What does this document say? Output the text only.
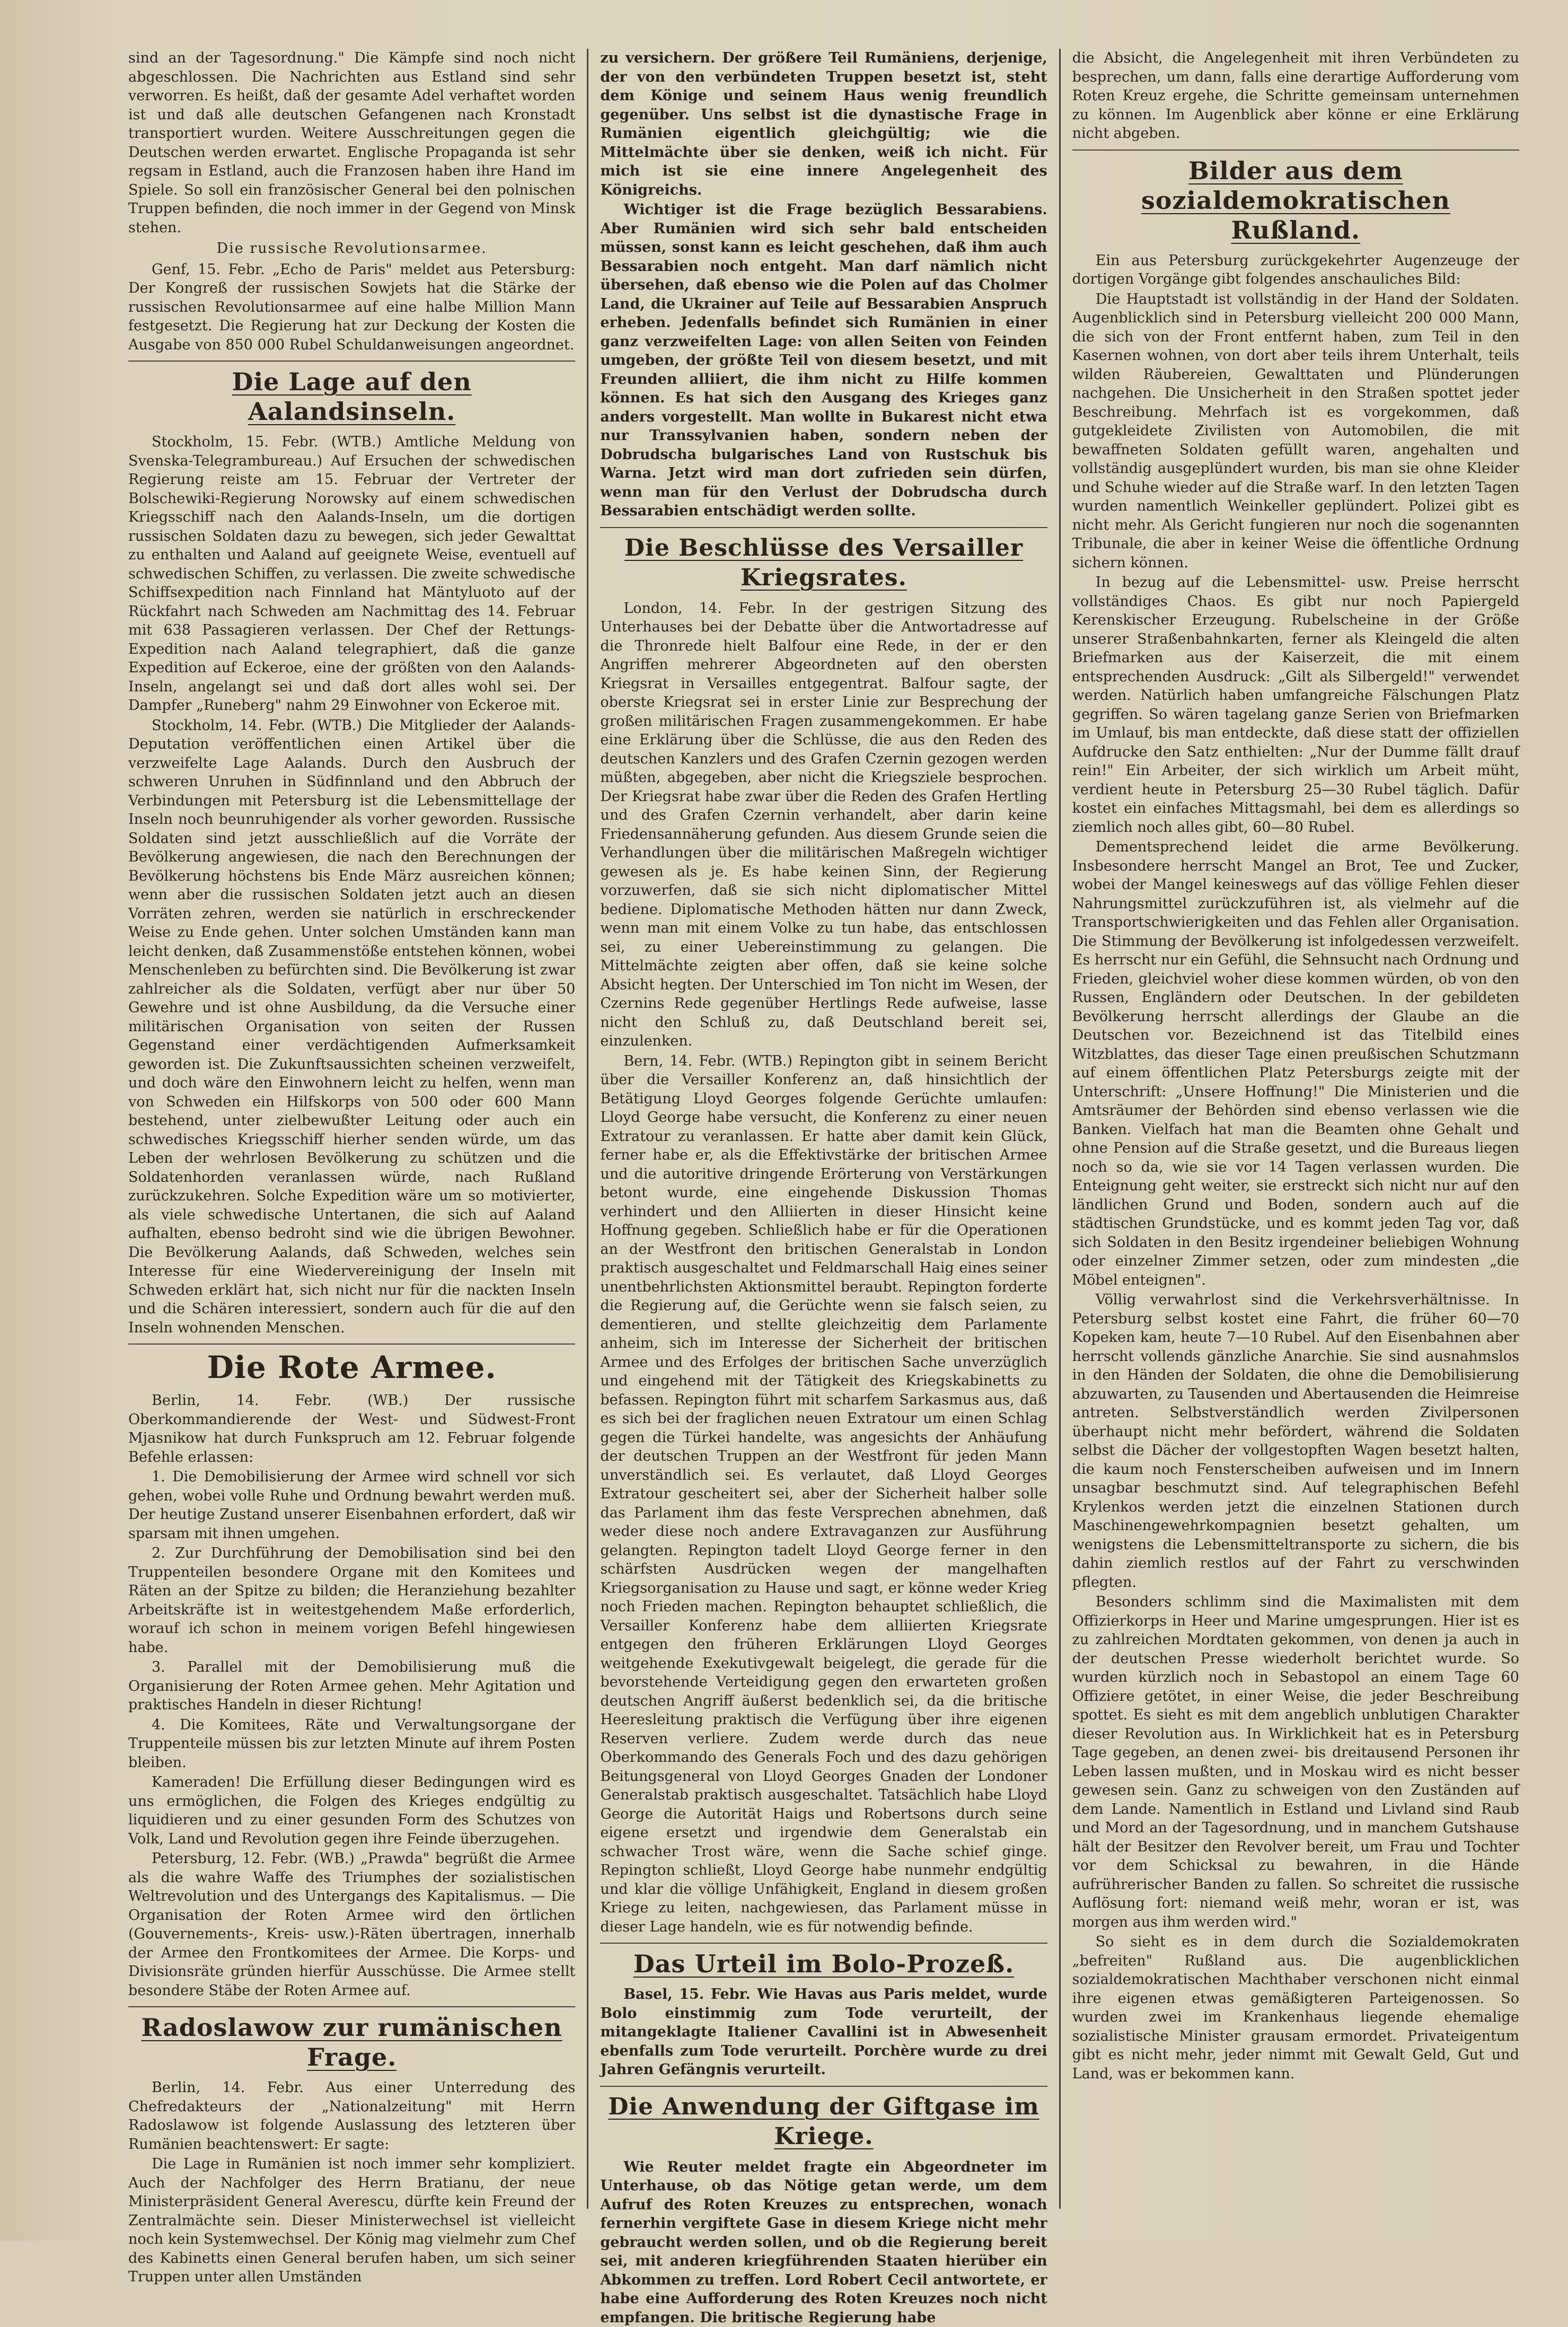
sind an der Tagesordnung." Die Kämpfe sind noch nicht abgeschlossen. Die Nachrichten aus Estland sind sehr verworren. Es heißt, daß der gesamte Adel verhaftet worden ist und daß alle deutschen Gefangenen nach Kronstadt transportiert wurden. Weitere Ausschreitungen gegen die Deutschen werden erwartet. Englische Propaganda ist sehr regsam in Estland, auch die Franzosen haben ihre Hand im Spiele. So soll ein französischer General bei den polnischen Truppen befinden, die noch immer in der Gegend von Minsk stehen.

Die russische Revolutionsarmee.

Genf, 15. Febr. „Echo de Paris" meldet aus Petersburg: Der Kongreß der russischen Sowjets hat die Stärke der russischen Revolutionsarmee auf eine halbe Million Mann festgesetzt. Die Regierung hat zur Deckung der Kosten die Ausgabe von 850 000 Rubel Schuldanweisungen angeordnet.

Die Lage auf den Aalandsinseln.

Stockholm, 15. Febr. (WTB.) Amtliche Meldung von Svenska-Telegrambureau.) Auf Ersuchen der schwedischen Regierung reiste am 15. Februar der Vertreter der Bolschewiki-Regierung Norowsky auf einem schwedischen Kriegsschiff nach den Aalands-Inseln, um die dortigen russischen Soldaten dazu zu bewegen, sich jeder Gewalttat zu enthalten und Aaland auf geeignete Weise, eventuell auf schwedischen Schiffen, zu verlassen. Die zweite schwedische Schiffsexpedition nach Finnland hat Mäntyluoto auf der Rückfahrt nach Schweden am Nachmittag des 14. Februar mit 638 Passagieren verlassen. Der Chef der Rettungs-Expedition nach Aaland telegraphiert, daß die ganze Expedition auf Eckeroe, eine der größten von den Aalands-Inseln, angelangt sei und daß dort alles wohl sei. Der Dampfer „Runeberg" nahm 29 Einwohner von Eckeroe mit.

Stockholm, 14. Febr. (WTB.) Die Mitglieder der Aalands-Deputation veröffentlichen einen Artikel über die verzweifelte Lage Aalands. Durch den Ausbruch der schweren Unruhen in Südfinnland und den Abbruch der Verbindungen mit Petersburg ist die Lebensmittellage der Inseln noch beunruhigender als vorher geworden. Russische Soldaten sind jetzt ausschließlich auf die Vorräte der Bevölkerung angewiesen, die nach den Berechnungen der Bevölkerung höchstens bis Ende März ausreichen können; wenn aber die russischen Soldaten jetzt auch an diesen Vorräten zehren, werden sie natürlich in erschreckender Weise zu Ende gehen. Unter solchen Umständen kann man leicht denken, daß Zusammenstöße entstehen können, wobei Menschenleben zu befürchten sind. Die Bevölkerung ist zwar zahlreicher als die Soldaten, verfügt aber nur über 50 Gewehre und ist ohne Ausbildung, da die Versuche einer militärischen Organisation von seiten der Russen Gegenstand einer verdächtigenden Aufmerksamkeit geworden ist. Die Zukunftsaussichten scheinen verzweifelt, und doch wäre den Einwohnern leicht zu helfen, wenn man von Schweden ein Hilfskorps von 500 oder 600 Mann bestehend, unter zielbewußter Leitung oder auch ein schwedisches Kriegsschiff hierher senden würde, um das Leben der wehrlosen Bevölkerung zu schützen und die Soldatenhorden veranlassen würde, nach Rußland zurückzukehren. Solche Expedition wäre um so motivierter, als viele schwedische Untertanen, die sich auf Aaland aufhalten, ebenso bedroht sind wie die übrigen Bewohner. Die Bevölkerung Aalands, daß Schweden, welches sein Interesse für eine Wiedervereinigung der Inseln mit Schweden erklärt hat, sich nicht nur für die nackten Inseln und die Schären interessiert, sondern auch für die auf den Inseln wohnenden Menschen.

Die Rote Armee.

Berlin, 14. Febr. (WB.) Der russische Oberkommandierende der West- und Südwest-Front Mjasnikow hat durch Funkspruch am 12. Februar folgende Befehle erlassen:

1. Die Demobilisierung der Armee wird schnell vor sich gehen, wobei volle Ruhe und Ordnung bewahrt werden muß. Der heutige Zustand unserer Eisenbahnen erfordert, daß wir sparsam mit ihnen umgehen.

2. Zur Durchführung der Demobilisation sind bei den Truppenteilen besondere Organe mit den Komitees und Räten an der Spitze zu bilden; die Heranziehung bezahlter Arbeitskräfte ist in weitestgehendem Maße erforderlich, worauf ich schon in meinem vorigen Befehl hingewiesen habe.

3. Parallel mit der Demobilisierung muß die Organisierung der Roten Armee gehen. Mehr Agitation und praktisches Handeln in dieser Richtung!

4. Die Komitees, Räte und Verwaltungsorgane der Truppenteile müssen bis zur letzten Minute auf ihrem Posten bleiben.

Kameraden! Die Erfüllung dieser Bedingungen wird es uns ermöglichen, die Folgen des Krieges endgültig zu liquidieren und zu einer gesunden Form des Schutzes von Volk, Land und Revolution gegen ihre Feinde überzugehen.

Petersburg, 12. Febr. (WB.) „Prawda" begrüßt die Armee als die wahre Waffe des Triumphes der sozialistischen Weltrevolution und des Untergangs des Kapitalismus. — Die Organisation der Roten Armee wird den örtlichen (Gouvernements-, Kreis- usw.)-Räten übertragen, innerhalb der Armee den Frontkomitees der Armee. Die Korps- und Divisionsräte gründen hierfür Ausschüsse. Die Armee stellt besondere Stäbe der Roten Armee auf.

Radoslawow zur rumänischen Frage.

Berlin, 14. Febr. Aus einer Unterredung des Chefredakteurs der „Nationalzeitung" mit Herrn Radoslawow ist folgende Auslassung des letzteren über Rumänien beachtenswert: Er sagte:

Die Lage in Rumänien ist noch immer sehr kompliziert. Auch der Nachfolger des Herrn Bratianu, der neue Ministerpräsident General Averescu, dürfte kein Freund der Zentralmächte sein. Dieser Ministerwechsel ist vielleicht noch kein Systemwechsel. Der König mag vielmehr zum Chef des Kabinetts einen General berufen haben, um sich seiner Truppen unter allen Umständen

zu versichern. Der größere Teil Rumäniens, derjenige, der von den verbündeten Truppen besetzt ist, steht dem Könige und seinem Haus wenig freundlich gegenüber. Uns selbst ist die dynastische Frage in Rumänien eigentlich gleichgültig; wie die Mittelmächte über sie denken, weiß ich nicht. Für mich ist sie eine innere Angelegenheit des Königreichs.

Wichtiger ist die Frage bezüglich Bessarabiens. Aber Rumänien wird sich sehr bald entscheiden müssen, sonst kann es leicht geschehen, daß ihm auch Bessarabien noch entgeht. Man darf nämlich nicht übersehen, daß ebenso wie die Polen auf das Cholmer Land, die Ukrainer auf Teile auf Bessarabien Anspruch erheben. Jedenfalls befindet sich Rumänien in einer ganz verzweifelten Lage: von allen Seiten von Feinden umgeben, der größte Teil von diesem besetzt, und mit Freunden alliiert, die ihm nicht zu Hilfe kommen können. Es hat sich den Ausgang des Krieges ganz anders vorgestellt. Man wollte in Bukarest nicht etwa nur Transsylvanien haben, sondern neben der Dobrudscha bulgarisches Land von Rustschuk bis Warna. Jetzt wird man dort zufrieden sein dürfen, wenn man für den Verlust der Dobrudscha durch Bessarabien entschädigt werden sollte.

Die Beschlüsse des Versailler Kriegsrates.

London, 14. Febr. In der gestrigen Sitzung des Unterhauses bei der Debatte über die Antwortadresse auf die Thronrede hielt Balfour eine Rede, in der er den Angriffen mehrerer Abgeordneten auf den obersten Kriegsrat in Versailles entgegentrat. Balfour sagte, der oberste Kriegsrat sei in erster Linie zur Besprechung der großen militärischen Fragen zusammengekommen. Er habe eine Erklärung über die Schlüsse, die aus den Reden des deutschen Kanzlers und des Grafen Czernin gezogen werden müßten, abgegeben, aber nicht die Kriegsziele besprochen. Der Kriegsrat habe zwar über die Reden des Grafen Hertling und des Grafen Czernin verhandelt, aber darin keine Friedensannäherung gefunden. Aus diesem Grunde seien die Verhandlungen über die militärischen Maßregeln wichtiger gewesen als je. Es habe keinen Sinn, der Regierung vorzuwerfen, daß sie sich nicht diplomatischer Mittel bediene. Diplomatische Methoden hätten nur dann Zweck, wenn man mit einem Volke zu tun habe, das entschlossen sei, zu einer Uebereinstimmung zu gelangen. Die Mittelmächte zeigten aber offen, daß sie keine solche Absicht hegten. Der Unterschied im Ton nicht im Wesen, der Czernins Rede gegenüber Hertlings Rede aufweise, lasse nicht den Schluß zu, daß Deutschland bereit sei, einzulenken.

Bern, 14. Febr. (WTB.) Repington gibt in seinem Bericht über die Versailler Konferenz an, daß hinsichtlich der Betätigung Lloyd Georges folgende Gerüchte umlaufen: Lloyd George habe versucht, die Konferenz zu einer neuen Extratour zu veranlassen. Er hatte aber damit kein Glück, ferner habe er, als die Effektivstärke der britischen Armee und die autoritive dringende Erörterung von Verstärkungen betont wurde, eine eingehende Diskussion Thomas verhindert und den Alliierten in dieser Hinsicht keine Hoffnung gegeben. Schließlich habe er für die Operationen an der Westfront den britischen Generalstab in London praktisch ausgeschaltet und Feldmarschall Haig eines seiner unentbehrlichsten Aktionsmittel beraubt. Repington forderte die Regierung auf, die Gerüchte wenn sie falsch seien, zu dementieren, und stellte gleichzeitig dem Parlamente anheim, sich im Interesse der Sicherheit der britischen Armee und des Erfolges der britischen Sache unverzüglich und eingehend mit der Tätigkeit des Kriegskabinetts zu befassen. Repington führt mit scharfem Sarkasmus aus, daß es sich bei der fraglichen neuen Extratour um einen Schlag gegen die Türkei handelte, was angesichts der Anhäufung der deutschen Truppen an der Westfront für jeden Mann unverständlich sei. Es verlautet, daß Lloyd Georges Extratour gescheitert sei, aber der Sicherheit halber solle das Parlament ihm das feste Versprechen abnehmen, daß weder diese noch andere Extravaganzen zur Ausführung gelangten. Repington tadelt Lloyd George ferner in den schärfsten Ausdrücken wegen der mangelhaften Kriegsorganisation zu Hause und sagt, er könne weder Krieg noch Frieden machen. Repington behauptet schließlich, die Versailler Konferenz habe dem alliierten Kriegsrate entgegen den früheren Erklärungen Lloyd Georges weitgehende Exekutivgewalt beigelegt, die gerade für die bevorstehende Verteidigung gegen den erwarteten großen deutschen Angriff äußerst bedenklich sei, da die britische Heeresleitung praktisch die Verfügung über ihre eigenen Reserven verliere. Zudem werde durch das neue Oberkommando des Generals Foch und des dazu gehörigen Beitungsgeneral von Lloyd Georges Gnaden der Londoner Generalstab praktisch ausgeschaltet. Tatsächlich habe Lloyd George die Autorität Haigs und Robertsons durch seine eigene ersetzt und irgendwie dem Generalstab ein schwacher Trost wäre, wenn die Sache schief ginge. Repington schließt, Lloyd George habe nunmehr endgültig und klar die völlige Unfähigkeit, England in diesem großen Kriege zu leiten, nachgewiesen, das Parlament müsse in dieser Lage handeln, wie es für notwendig befinde.

Das Urteil im Bolo-Prozeß.

Basel, 15. Febr. Wie Havas aus Paris meldet, wurde Bolo einstimmig zum Tode verurteilt, der mitangeklagte Italiener Cavallini ist in Abwesenheit ebenfalls zum Tode verurteilt. Porchère wurde zu drei Jahren Gefängnis verurteilt.

Die Anwendung der Giftgase im Kriege.

Wie Reuter meldet fragte ein Abgeordneter im Unterhause, ob das Nötige getan werde, um dem Aufruf des Roten Kreuzes zu entsprechen, wonach fernerhin vergiftete Gase in diesem Kriege nicht mehr gebraucht werden sollen, und ob die Regierung bereit sei, mit anderen kriegführenden Staaten hierüber ein Abkommen zu treffen. Lord Robert Cecil antwortete, er habe eine Aufforderung des Roten Kreuzes noch nicht empfangen. Die britische Regierung habe

die Absicht, die Angelegenheit mit ihren Verbündeten zu besprechen, um dann, falls eine derartige Aufforderung vom Roten Kreuz ergehe, die Schritte gemeinsam unternehmen zu können. Im Augenblick aber könne er eine Erklärung nicht abgeben.

Bilder aus dem sozialdemokratischen Rußland.

Ein aus Petersburg zurückgekehrter Augenzeuge der dortigen Vorgänge gibt folgendes anschauliches Bild:

Die Hauptstadt ist vollständig in der Hand der Soldaten. Augenblicklich sind in Petersburg vielleicht 200 000 Mann, die sich von der Front entfernt haben, zum Teil in den Kasernen wohnen, von dort aber teils ihrem Unterhalt, teils wilden Räubereien, Gewalttaten und Plünderungen nachgehen. Die Unsicherheit in den Straßen spottet jeder Beschreibung. Mehrfach ist es vorgekommen, daß gutgekleidete Zivilisten von Automobilen, die mit bewaffneten Soldaten gefüllt waren, angehalten und vollständig ausgeplündert wurden, bis man sie ohne Kleider und Schuhe wieder auf die Straße warf. In den letzten Tagen wurden namentlich Weinkeller geplündert. Polizei gibt es nicht mehr. Als Gericht fungieren nur noch die sogenannten Tribunale, die aber in keiner Weise die öffentliche Ordnung sichern können.

In bezug auf die Lebensmittel- usw. Preise herrscht vollständiges Chaos. Es gibt nur noch Papiergeld Kerenskischer Erzeugung. Rubelscheine in der Größe unserer Straßenbahnkarten, ferner als Kleingeld die alten Briefmarken aus der Kaiserzeit, die mit einem entsprechenden Ausdruck: „Gilt als Silbergeld!" verwendet werden. Natürlich haben umfangreiche Fälschungen Platz gegriffen. So wären tagelang ganze Serien von Briefmarken im Umlauf, bis man entdeckte, daß diese statt der offiziellen Aufdrucke den Satz enthielten: „Nur der Dumme fällt drauf rein!" Ein Arbeiter, der sich wirklich um Arbeit müht, verdient heute in Petersburg 25—30 Rubel täglich. Dafür kostet ein einfaches Mittagsmahl, bei dem es allerdings so ziemlich noch alles gibt, 60—80 Rubel.

Dementsprechend leidet die arme Bevölkerung. Insbesondere herrscht Mangel an Brot, Tee und Zucker, wobei der Mangel keineswegs auf das völlige Fehlen dieser Nahrungsmittel zurückzuführen ist, als vielmehr auf die Transportschwierigkeiten und das Fehlen aller Organisation. Die Stimmung der Bevölkerung ist infolgedessen verzweifelt. Es herrscht nur ein Gefühl, die Sehnsucht nach Ordnung und Frieden, gleichviel woher diese kommen würden, ob von den Russen, Engländern oder Deutschen. In der gebildeten Bevölkerung herrscht allerdings der Glaube an die Deutschen vor. Bezeichnend ist das Titelbild eines Witzblattes, das dieser Tage einen preußischen Schutzmann auf einem öffentlichen Platz Petersburgs zeigte mit der Unterschrift: „Unsere Hoffnung!" Die Ministerien und die Amtsräumer der Behörden sind ebenso verlassen wie die Banken. Vielfach hat man die Beamten ohne Gehalt und ohne Pension auf die Straße gesetzt, und die Bureaus liegen noch so da, wie sie vor 14 Tagen verlassen wurden. Die Enteignung geht weiter, sie erstreckt sich nicht nur auf den ländlichen Grund und Boden, sondern auch auf die städtischen Grundstücke, und es kommt jeden Tag vor, daß sich Soldaten in den Besitz irgendeiner beliebigen Wohnung oder einzelner Zimmer setzen, oder zum mindesten „die Möbel enteignen".

Völlig verwahrlost sind die Verkehrsverhältnisse. In Petersburg selbst kostet eine Fahrt, die früher 60—70 Kopeken kam, heute 7—10 Rubel. Auf den Eisenbahnen aber herrscht vollends gänzliche Anarchie. Sie sind ausnahmslos in den Händen der Soldaten, die ohne die Demobilisierung abzuwarten, zu Tausenden und Abertausenden die Heimreise antreten. Selbstverständlich werden Zivilpersonen überhaupt nicht mehr befördert, während die Soldaten selbst die Dächer der vollgestopften Wagen besetzt halten, die kaum noch Fensterscheiben aufweisen und im Innern unsagbar beschmutzt sind. Auf telegraphischen Befehl Krylenkos werden jetzt die einzelnen Stationen durch Maschinengewehrkompagnien besetzt gehalten, um wenigstens die Lebensmitteltransporte zu sichern, die bis dahin ziemlich restlos auf der Fahrt zu verschwinden pflegten.

Besonders schlimm sind die Maximalisten mit dem Offizierkorps in Heer und Marine umgesprungen. Hier ist es zu zahlreichen Mordtaten gekommen, von denen ja auch in der deutschen Presse wiederholt berichtet wurde. So wurden kürzlich noch in Sebastopol an einem Tage 60 Offiziere getötet, in einer Weise, die jeder Beschreibung spottet. Es sieht es mit dem angeblich unblutigen Charakter dieser Revolution aus. In Wirklichkeit hat es in Petersburg Tage gegeben, an denen zwei- bis dreitausend Personen ihr Leben lassen mußten, und in Moskau wird es nicht besser gewesen sein. Ganz zu schweigen von den Zuständen auf dem Lande. Namentlich in Estland und Livland sind Raub und Mord an der Tagesordnung, und in manchem Gutshause hält der Besitzer den Revolver bereit, um Frau und Tochter vor dem Schicksal zu bewahren, in die Hände aufrührerischer Banden zu fallen. So schreitet die russische Auflösung fort: niemand weiß mehr, woran er ist, was morgen aus ihm werden wird."

So sieht es in dem durch die Sozialdemokraten „befreiten" Rußland aus. Die augenblicklichen sozialdemokratischen Machthaber verschonen nicht einmal ihre eigenen etwas gemäßigteren Parteigenossen. So wurden zwei im Krankenhaus liegende ehemalige sozialistische Minister grausam ermordet. Privateigentum gibt es nicht mehr, jeder nimmt mit Gewalt Geld, Gut und Land, was er bekommen kann.
